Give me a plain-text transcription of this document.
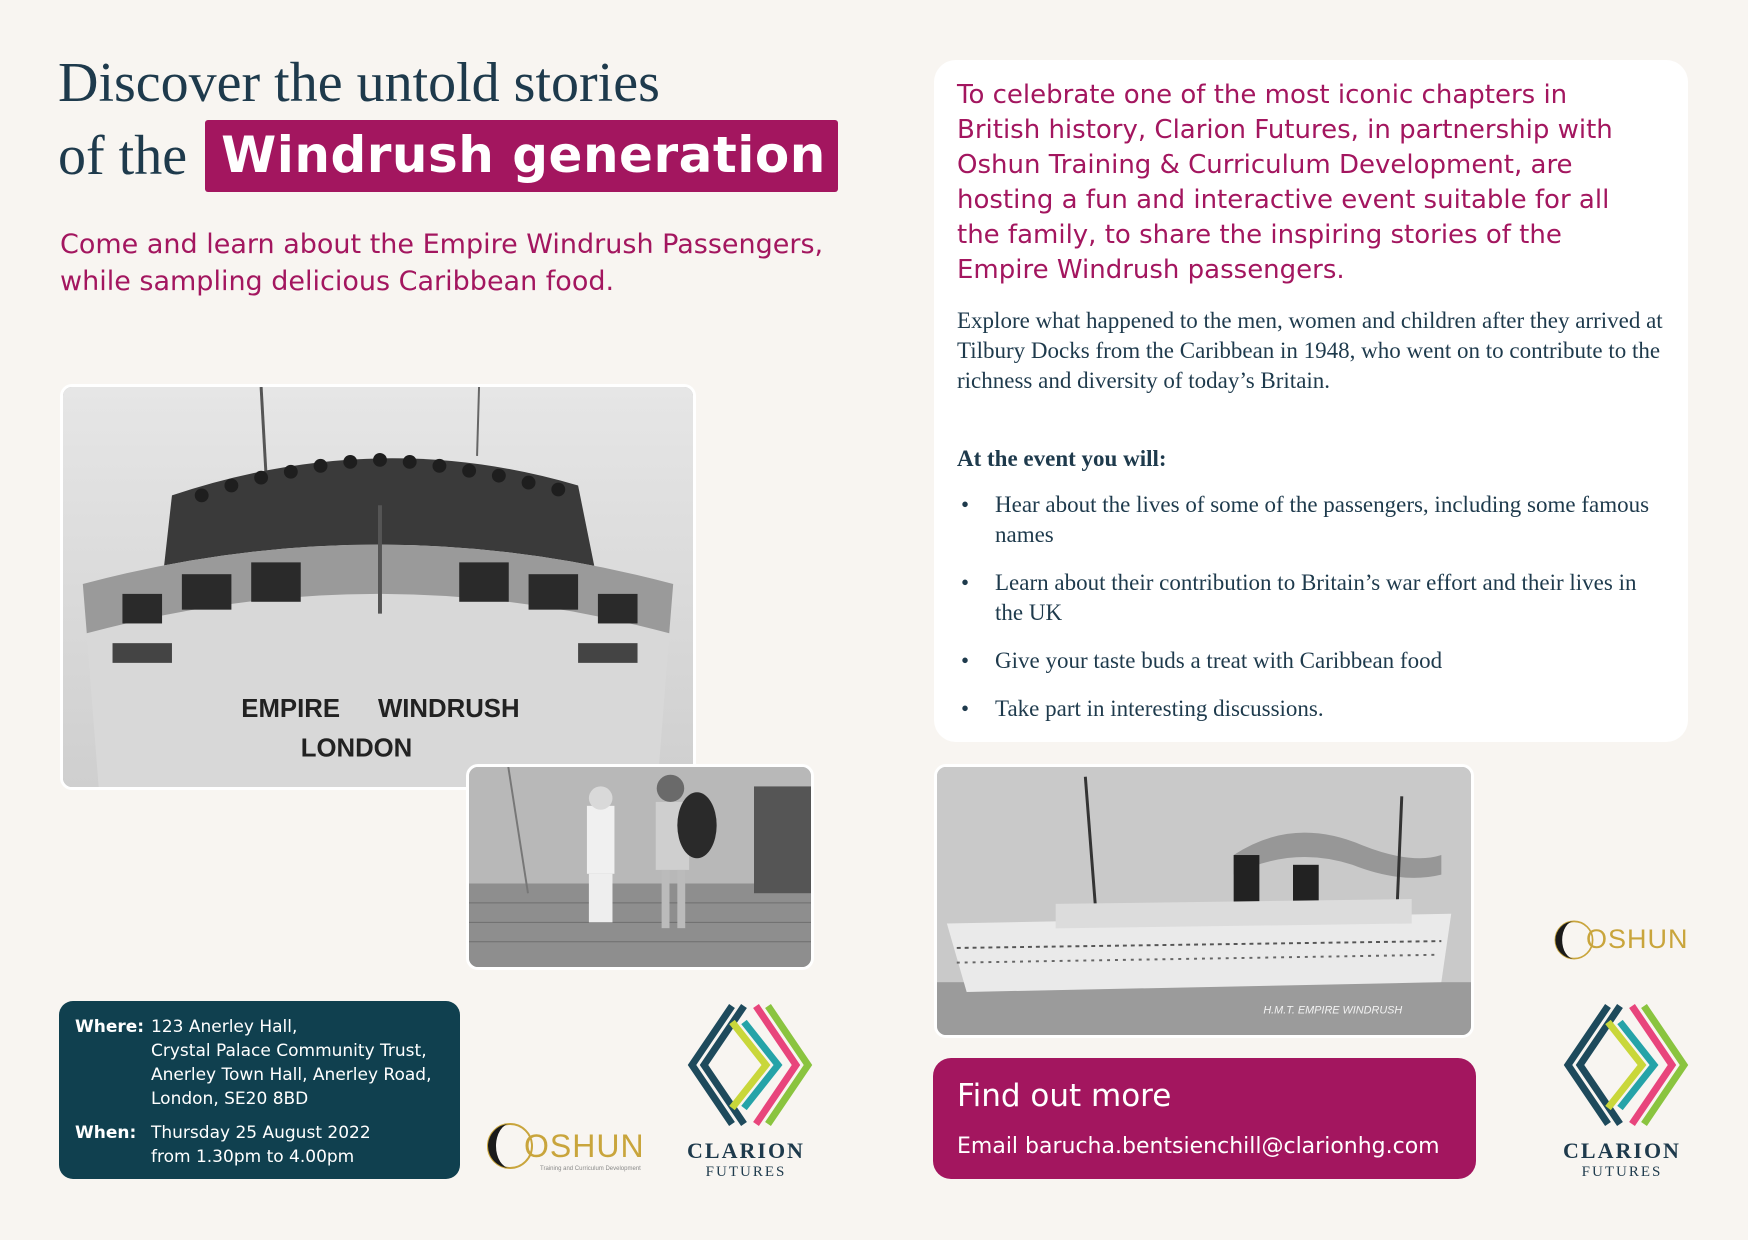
Discover the untold stories
of the Windrush generation
Come and learn about the Empire Windrush Passengers, while sampling delicious Caribbean food.
To celebrate one of the most iconic chapters in British history, Clarion Futures, in partnership with Oshun Training & Curriculum Development, are hosting a fun and interactive event suitable for all the family, to share the inspiring stories of the Empire Windrush passengers.
Explore what happened to the men, women and children after they arrived at Tilbury Docks from the Caribbean in 1948, who went on to contribute to the richness and diversity of today’s Britain.
At the event you will:
• Hear about the lives of some of the passengers, including some famous names
• Learn about their contribution to Britain’s war effort and their lives in the UK
• Give your taste buds a treat with Caribbean food
• Take part in interesting discussions.
EMPIRE WINDRUSH
LONDON
H.M.T. EMPIRE WINDRUSH
Where: 123 Anerley Hall,
Crystal Palace Community Trust,
Anerley Town Hall, Anerley Road,
London, SE20 8BD
When: Thursday 25 August 2022
from 1.30pm to 4.00pm
Find out more
Email barucha.bentsienchill@clarionhg.com
OSHUN
Training and Curriculum Development
CLARION
FUTURES
OSHUN
CLARION
FUTURES
